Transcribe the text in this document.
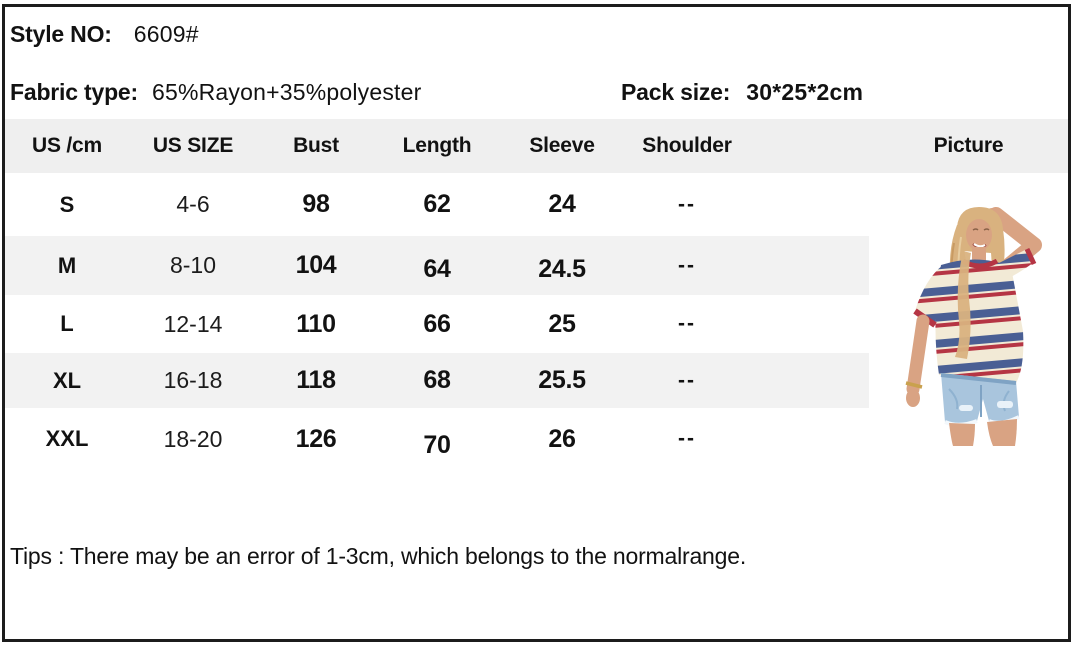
Style NO: 6609#
Fabric type: 65%Rayon+35%polyester	Pack size: 30*25*2cm
US /cm	US SIZE	Bust	Length	Sleeve	Shoulder	Picture
S	4-6	98	62	24	--
M	8-10	104	64	24.5	--
L	12-14	110	66	25	--
XL	16-18	118	68	25.5	--
XXL	18-20	126	70	26	--
Tips : There may be an error of 1-3cm, which belongs to the normalrange.
